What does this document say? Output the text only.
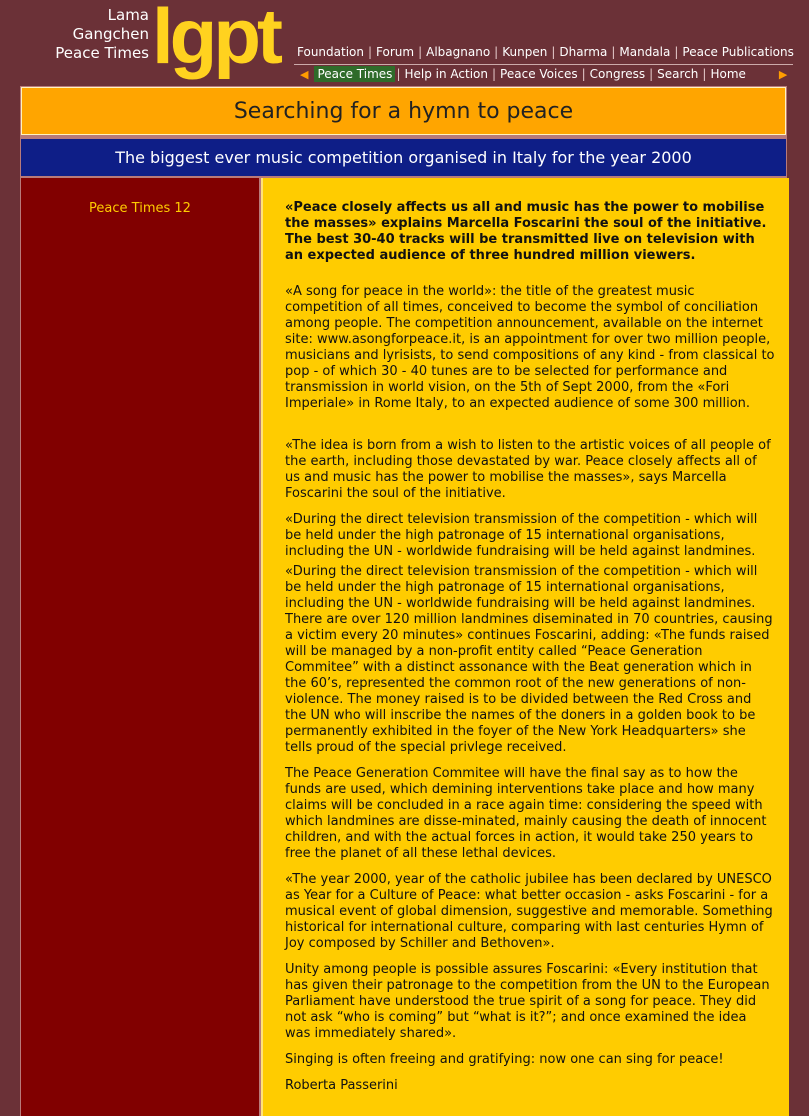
Lama
Gangchen
Peace Times lgpt Foundation | Forum | Albagnano | Kunpen | Dharma | Mandala | Peace Publications
◀ Peace Times | Help in Action | Peace Voices | Congress | Search | Home	▶
Searching for a hymn to peace
The biggest ever music competition organised in Italy for the year 2000
Peace Times 12	«Peace closely affects us all and music has the power to mobilise the masses» explains Marcella Foscarini the soul of the initiative. The best 30-40 tracks will be transmitted live on television with an expected audience of three hundred million viewers.
«A song for peace in the world»: the title of the greatest music competition of all times, conceived to become the symbol of conciliation among people. The competition announcement, available on the internet site: www.asongforpeace.it, is an appointment for over two million people, musicians and lyrisists, to send compositions of any kind - from classical to pop - of which 30 - 40 tunes are to be selected for performance and transmission in world vision, on the 5th of Sept 2000, from the «Fori Imperiale» in Rome Italy, to an expected audience of some 300 million.
«The idea is born from a wish to listen to the artistic voices of all people of the earth, including those devastated by war. Peace closely affects all of us and music has the power to mobilise the masses», says Marcella Foscarini the soul of the initiative.
«During the direct television transmission of the competition - which will be held under the high patronage of 15 international organisations, including the UN - worldwide fundraising will be held against landmines.
«During the direct television transmission of the competition - which will be held under the high patronage of 15 international organisations, including the UN - worldwide fundraising will be held against landmines. There are over 120 million landmines diseminated in 70 countries, causing a victim every 20 minutes» continues Foscarini, adding: «The funds raised will be managed by a non-profit entity called “Peace Generation Commitee” with a distinct assonance with the Beat generation which in the 60’s, represented the common root of the new generations of non-violence. The money raised is to be divided between the Red Cross and the UN who will inscribe the names of the doners in a golden book to be permanently exhibited in the foyer of the New York Headquarters» she tells proud of the special privlege received.
The Peace Generation Commitee will have the final say as to how the funds are used, which demining interventions take place and how many claims will be concluded in a race again time: considering the speed with which landmines are disse-minated, mainly causing the death of innocent children, and with the actual forces in action, it would take 250 years to free the planet of all these lethal devices.
«The year 2000, year of the catholic jubilee has been declared by UNESCO as Year for a Culture of Peace: what better occasion - asks Foscarini - for a musical event of global dimension, suggestive and memorable. Something historical for international culture, comparing with last centuries Hymn of Joy composed by Schiller and Bethoven».
Unity among people is possible assures Foscarini: «Every institution that has given their patronage to the competition from the UN to the European Parliament have understood the true spirit of a song for peace. They did not ask “who is coming” but “what is it?”; and once examined the idea was immediately shared».
Singing is often freeing and gratifying: now one can sing for peace!
Roberta Passerini
